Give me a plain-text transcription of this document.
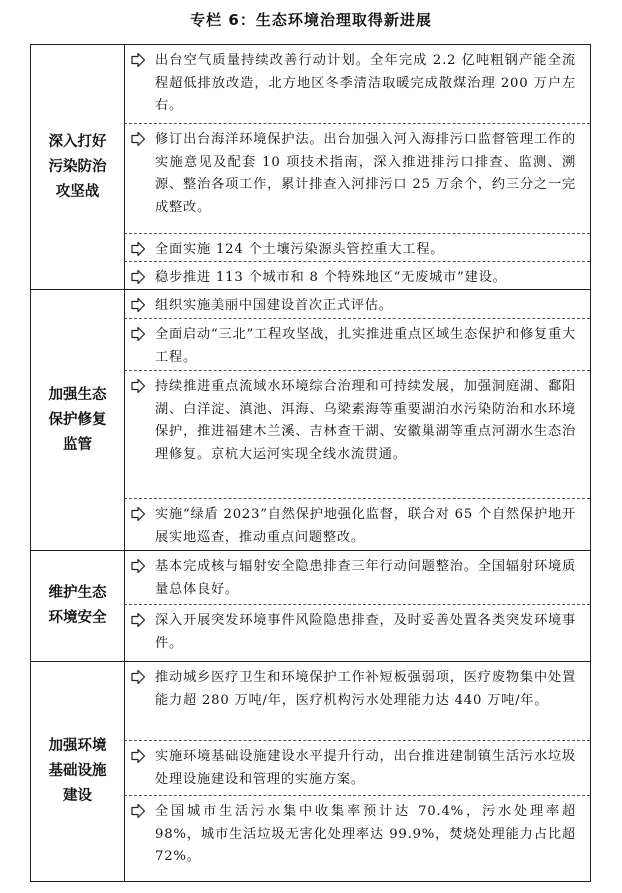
专栏 6：生态环境治理取得新进展
深入打好污染防治攻坚战
出台空气质量持续改善行动计划。全年完成 2.2 亿吨粗钢产能全流程超低排放改造，北方地区冬季清洁取暖完成散煤治理 200 万户左右。
修订出台海洋环境保护法。出台加强入河入海排污口监督管理工作的实施意见及配套 10 项技术指南，深入推进排污口排查、监测、溯源、整治各项工作，累计排查入河排污口 25 万余个，约三分之一完成整改。
全面实施 124 个土壤污染源头管控重大工程。
稳步推进 113 个城市和 8 个特殊地区“无废城市”建设。
加强生态保护修复监管
组织实施美丽中国建设首次正式评估。
全面启动“三北”工程攻坚战，扎实推进重点区域生态保护和修复重大工程。
持续推进重点流域水环境综合治理和可持续发展，加强洞庭湖、鄱阳湖、白洋淀、滇池、洱海、乌梁素海等重要湖泊水污染防治和水环境保护，推进福建木兰溪、吉林查干湖、安徽巢湖等重点河湖水生态治理修复。京杭大运河实现全线水流贯通。
实施“绿盾 2023”自然保护地强化监督，联合对 65 个自然保护地开展实地巡查，推动重点问题整改。
维护生态环境安全
基本完成核与辐射安全隐患排查三年行动问题整治。全国辐射环境质量总体良好。
深入开展突发环境事件风险隐患排查，及时妥善处置各类突发环境事件。
加强环境基础设施建设
推动城乡医疗卫生和环境保护工作补短板强弱项，医疗废物集中处置能力超 280 万吨/年，医疗机构污水处理能力达 440 万吨/年。
实施环境基础设施建设水平提升行动，出台推进建制镇生活污水垃圾处理设施建设和管理的实施方案。
全国城市生活污水集中收集率预计达 70.4%，污水处理率超 98%，城市生活垃圾无害化处理率达 99.9%，焚烧处理能力占比超 72%。
